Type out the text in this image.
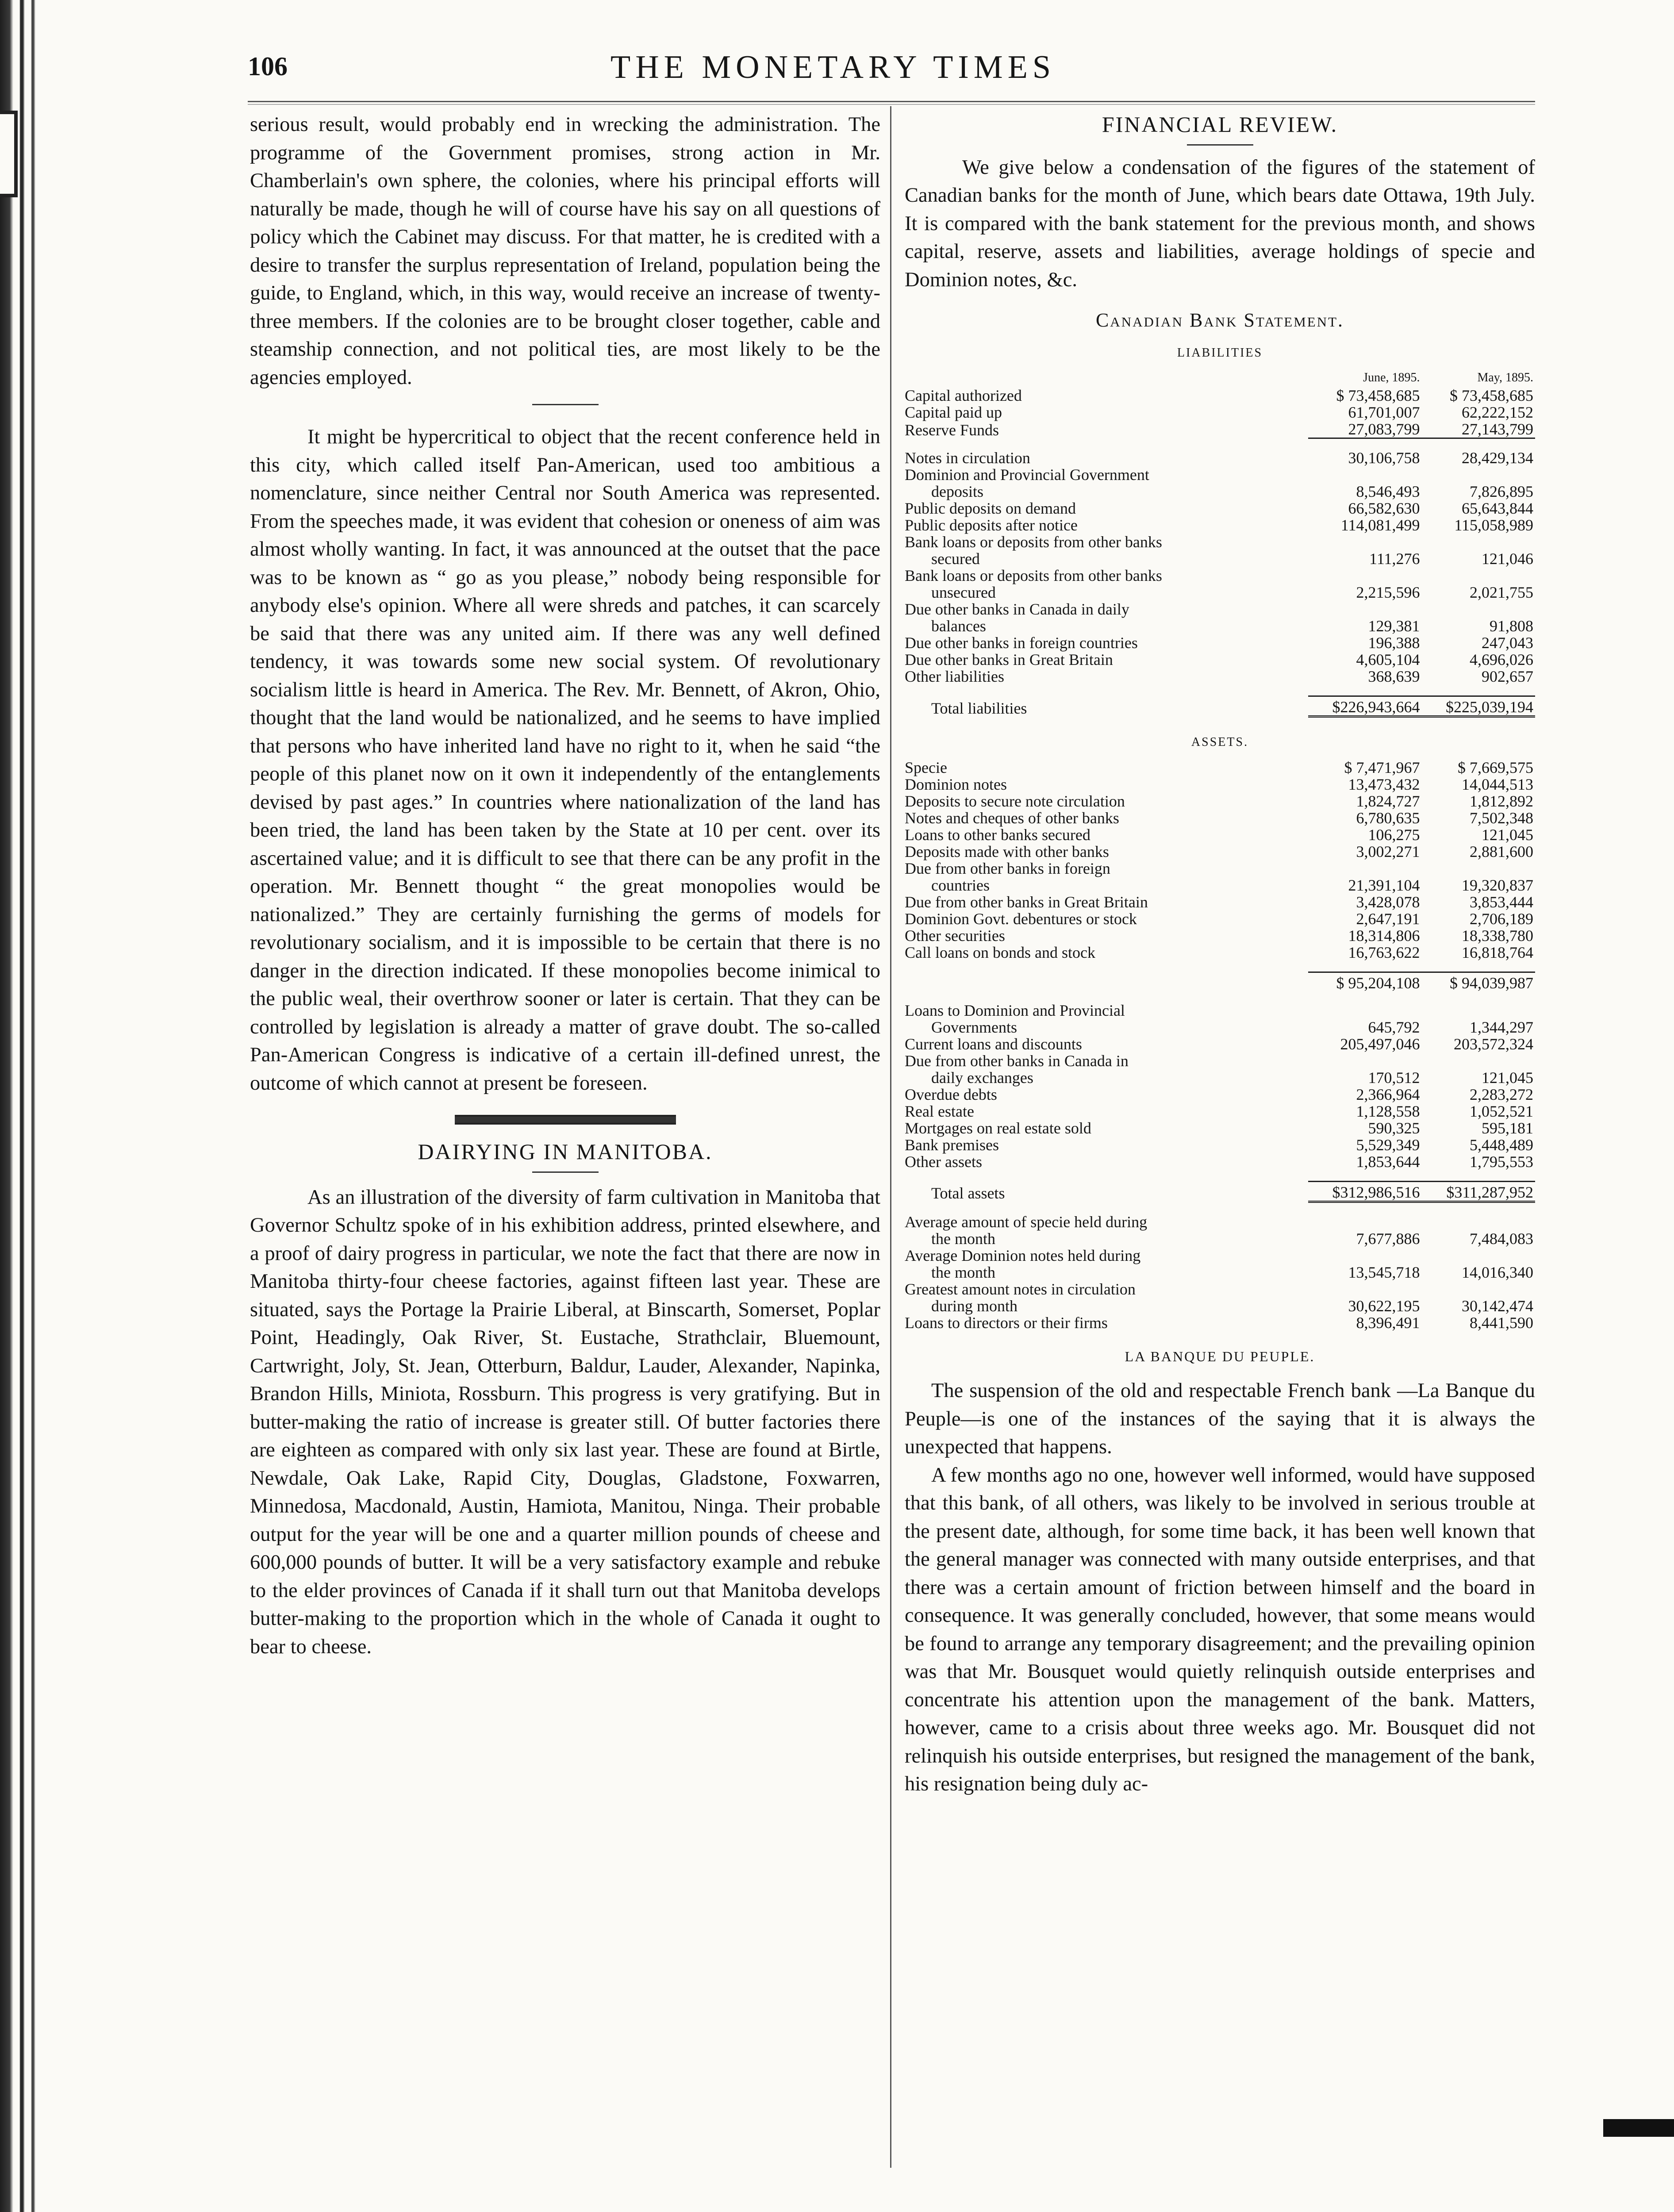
106	THE MONETARY TIMES

serious result, would probably end in wrecking the administration. The programme of the Government promises, strong action in Mr. Chamberlain's own sphere, the colonies, where his principal efforts will naturally be made, though he will of course have his say on all questions of policy which the Cabinet may discuss. For that matter, he is credited with a desire to transfer the surplus representation of Ireland, population being the guide, to England, which, in this way, would receive an increase of twenty-three members. If the colonies are to be brought closer together, cable and steamship connection, and not political ties, are most likely to be the agencies employed.

It might be hypercritical to object that the recent conference held in this city, which called itself Pan-American, used too ambitious a nomenclature, since neither Central nor South America was represented. From the speeches made, it was evident that cohesion or oneness of aim was almost wholly wanting. In fact, it was announced at the outset that the pace was to be known as “ go as you please,” nobody being responsible for anybody else's opinion. Where all were shreds and patches, it can scarcely be said that there was any united aim. If there was any well defined tendency, it was towards some new social system. Of revolutionary socialism little is heard in America. The Rev. Mr. Bennett, of Akron, Ohio, thought that the land would be nationalized, and he seems to have implied that persons who have inherited land have no right to it, when he said “the people of this planet now on it own it independently of the entanglements devised by past ages.” In countries where nationalization of the land has been tried, the land has been taken by the State at 10 per cent. over its ascertained value; and it is difficult to see that there can be any profit in the operation. Mr. Bennett thought “ the great monopolies would be nationalized.” They are certainly furnishing the germs of models for revolutionary socialism, and it is impossible to be certain that there is no danger in the direction indicated. If these monopolies become inimical to the public weal, their overthrow sooner or later is certain. That they can be controlled by legislation is already a matter of grave doubt. The so-called Pan-American Congress is indicative of a certain ill-defined unrest, the outcome of which cannot at present be foreseen.

DAIRYING IN MANITOBA.

As an illustration of the diversity of farm cultivation in Manitoba that Governor Schultz spoke of in his exhibition address, printed elsewhere, and a proof of dairy progress in particular, we note the fact that there are now in Manitoba thirty-four cheese factories, against fifteen last year. These are situated, says the Portage la Prairie Liberal, at Binscarth, Somerset, Poplar Point, Headingly, Oak River, St. Eustache, Strathclair, Bluemount, Cartwright, Joly, St. Jean, Otterburn, Baldur, Lauder, Alexander, Napinka, Brandon Hills, Miniota, Rossburn. This progress is very gratifying. But in butter-making the ratio of increase is greater still. Of butter factories there are eighteen as compared with only six last year. These are found at Birtle, Newdale, Oak Lake, Rapid City, Douglas, Gladstone, Foxwarren, Minnedosa, Macdonald, Austin, Hamiota, Manitou, Ninga. Their probable output for the year will be one and a quarter million pounds of cheese and 600,000 pounds of butter. It will be a very satisfactory example and rebuke to the elder provinces of Canada if it shall turn out that Manitoba develops butter-making to the proportion which in the whole of Canada it ought to bear to cheese.

FINANCIAL REVIEW.

We give below a condensation of the figures of the statement of Canadian banks for the month of June, which bears date Ottawa, 19th July. It is compared with the bank statement for the previous month, and shows capital, reserve, assets and liabilities, average holdings of specie and Dominion notes, &c.

Canadian Bank Statement.
LIABILITIES
	June, 1895.	May, 1895.
Capital authorized	$ 73,458,685	$ 73,458,685
Capital paid up	61,701,007	62,222,152
Reserve Funds	27,083,799	27,143,799

Notes in circulation	30,106,758	28,429,134
Dominion and Provincial Government		
deposits	8,546,493	7,826,895
Public deposits on demand	66,582,630	65,643,844
Public deposits after notice	114,081,499	115,058,989
Bank loans or deposits from other banks		
secured	111,276	121,046
Bank loans or deposits from other banks		
unsecured	2,215,596	2,021,755
Due other banks in Canada in daily		
balances	129,381	91,808
Due other banks in foreign countries	196,388	247,043
Due other banks in Great Britain	4,605,104	4,696,026
Other liabilities	368,639	902,657

Total liabilities	$226,943,664	$225,039,194
ASSETS.
Specie	$ 7,471,967	$ 7,669,575
Dominion notes	13,473,432	14,044,513
Deposits to secure note circulation	1,824,727	1,812,892
Notes and cheques of other banks	6,780,635	7,502,348
Loans to other banks secured	106,275	121,045
Deposits made with other banks	3,002,271	2,881,600
Due from other banks in foreign		
countries	21,391,104	19,320,837
Due from other banks in Great Britain	3,428,078	3,853,444
Dominion Govt. debentures or stock	2,647,191	2,706,189
Other securities	18,314,806	18,338,780
Call loans on bonds and stock	16,763,622	16,818,764

	$ 95,204,108	$ 94,039,987

Loans to Dominion and Provincial		
Governments	645,792	1,344,297
Current loans and discounts	205,497,046	203,572,324
Due from other banks in Canada in		
daily exchanges	170,512	121,045
Overdue debts	2,366,964	2,283,272
Real estate	1,128,558	1,052,521
Mortgages on real estate sold	590,325	595,181
Bank premises	5,529,349	5,448,489
Other assets	1,853,644	1,795,553

Total assets	$312,986,516	$311,287,952

Average amount of specie held during		
the month	7,677,886	7,484,083
Average Dominion notes held during		
the month	13,545,718	14,016,340
Greatest amount notes in circulation		
during month	30,622,195	30,142,474
Loans to directors or their firms	8,396,491	8,441,590
LA BANQUE DU PEUPLE.

The suspension of the old and respectable French bank —La Banque du Peuple—is one of the instances of the saying that it is always the unexpected that happens.

A few months ago no one, however well informed, would have supposed that this bank, of all others, was likely to be involved in serious trouble at the present date, although, for some time back, it has been well known that the general manager was connected with many outside enterprises, and that there was a certain amount of friction between himself and the board in consequence. It was generally concluded, however, that some means would be found to arrange any temporary disagreement; and the prevailing opinion was that Mr. Bousquet would quietly relinquish outside enterprises and concentrate his attention upon the management of the bank. Matters, however, came to a crisis about three weeks ago. Mr. Bousquet did not relinquish his outside enterprises, but resigned the management of the bank, his resignation being duly ac-
